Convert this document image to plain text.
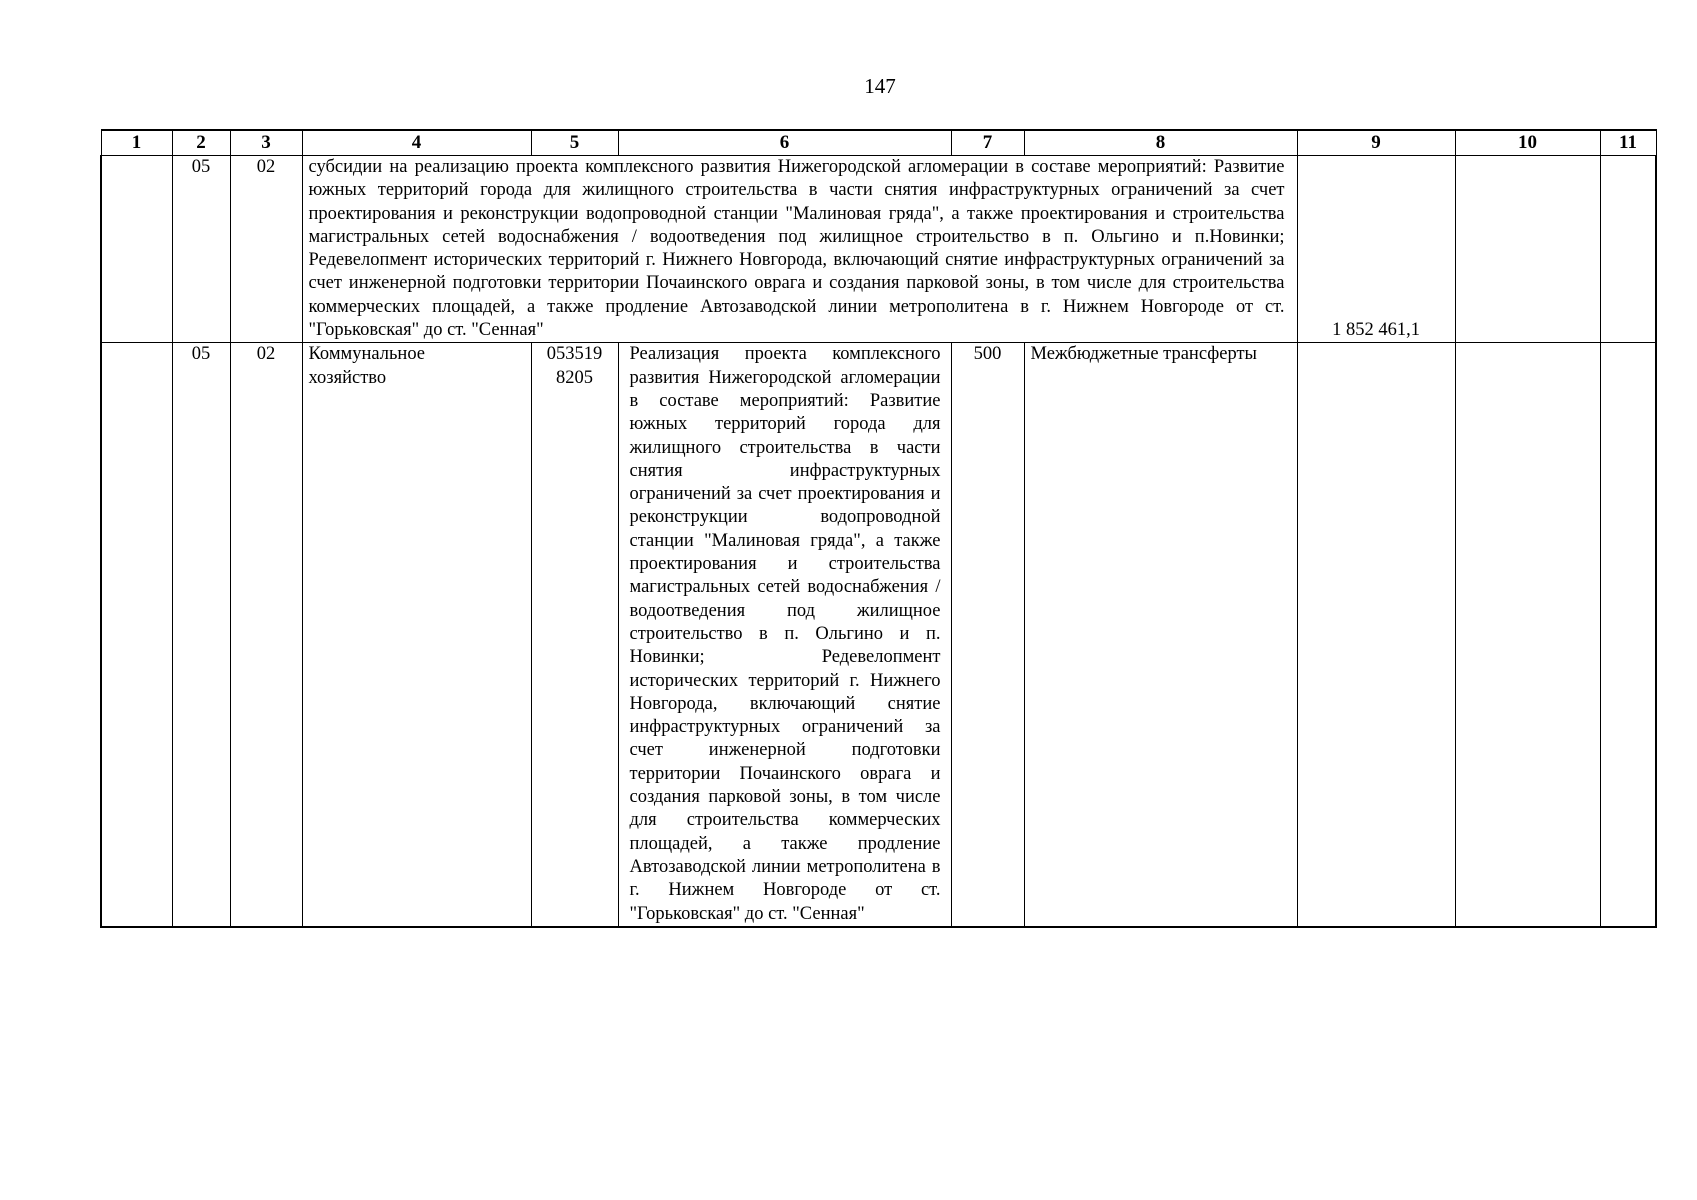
147
1	2	3	4	5	6	7	8	9	10	11
	05	02	субсидии на реализацию проекта комплексного развития Нижегородской агломерации в составе мероприятий: Развитие южных территорий города для жилищного строительства в части снятия инфраструктурных ограничений за счет проектирования и реконструкции водопроводной станции "Малиновая гряда", а также проектирования и строительства магистральных сетей водоснабжения / водоотведения под жилищное строительство в п. Ольгино и п.Новинки; Редевелопмент исторических территорий г. Нижнего Новгорода, включающий снятие инфраструктурных ограничений за счет инженерной подготовки территории Почаинского оврага и создания парковой зоны, в том числе для строительства коммерческих площадей, а также продление Автозаводской линии метрополитена в г. Нижнем Новгороде от ст. "Горьковская" до ст. "Сенная"					1 852 461,1		
	05	02	Коммунальное хозяйство	053519 8205	Реализация проекта комплексного развития Нижегородской агломерации в составе мероприятий: Развитие южных территорий города для жилищного строительства в части снятия инфраструктурных ограничений за счет проектирования и реконструкции водопроводной станции "Малиновая гряда", а также проектирования и строительства магистральных сетей водоснабжения / водоотведения под жилищное строительство в п. Ольгино и п. Новинки; Редевелопмент исторических территорий г. Нижнего Новгорода, включающий снятие инфраструктурных ограничений за счет инженерной подготовки территории Почаинского оврага и создания парковой зоны, в том числе для строительства коммерческих площадей, а также продление Автозаводской линии метрополитена в г. Нижнем Новгороде от ст. "Горьковская" до ст. "Сенная"	500	Межбюджетные трансферты			
